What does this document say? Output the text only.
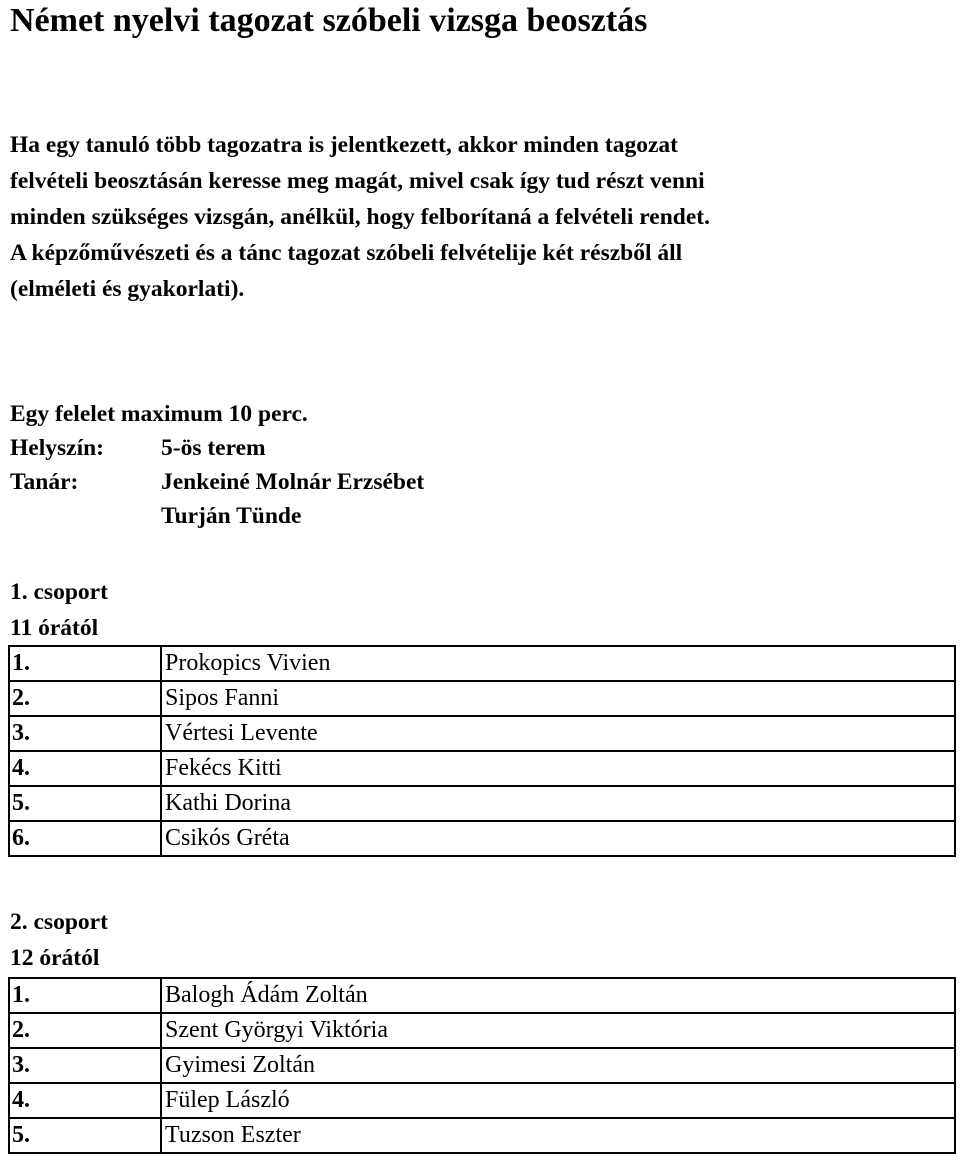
Német nyelvi tagozat szóbeli vizsga beosztás

Ha egy tanuló több tagozatra is jelentkezett, akkor minden tagozat
felvételi beosztásán keresse meg magát, mivel csak így tud részt venni
minden szükséges vizsgán, anélkül, hogy felborítaná a felvételi rendet.
A képzőművészeti és a tánc tagozat szóbeli felvételije két részből áll
(elméleti és gyakorlati).

Egy felelet maximum 10 perc.
Helyszín:	5-ös terem
Tanár:	Jenkeiné Molnár Erzsébet
Turján Tünde
1. csoport
11 órától
1.	Prokopics Vivien
2.	Sipos Fanni
3.	Vértesi Levente
4.	Fekécs Kitti
5.	Kathi Dorina
6.	Csikós Gréta
2. csoport
12 órától
1.	Balogh Ádám Zoltán
2.	Szent Györgyi Viktória
3.	Gyimesi Zoltán
4.	Fülep László
5.	Tuzson Eszter
